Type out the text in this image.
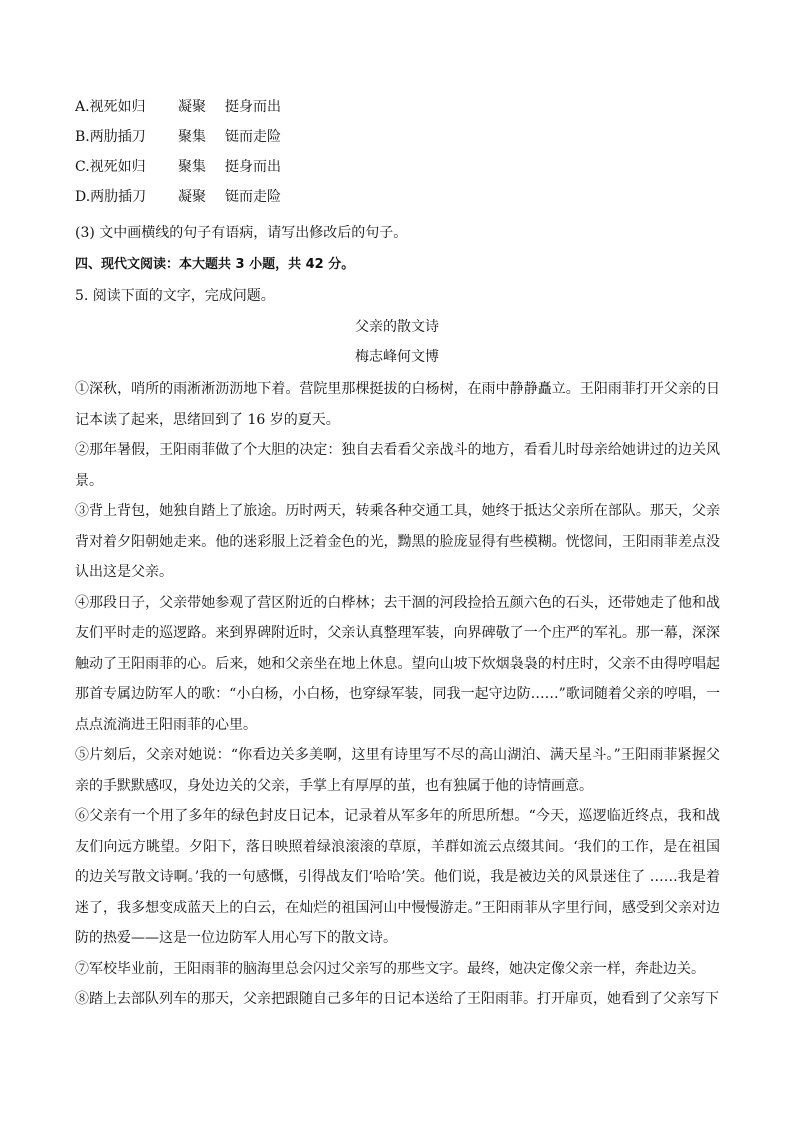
A.视死如归	凝聚	挺身而出
B.两肋插刀	聚集	铤而走险
C.视死如归	聚集	挺身而出
D.两肋插刀	凝聚	铤而走险
(3) 文中画横线的句子有语病，请写出修改后的句子。
四、现代文阅读：本大题共 3 小题，共 42 分。
5. 阅读下面的文字，完成问题。
父亲的散文诗
梅志峰何文博

①深秋，哨所的雨淅淅沥沥地下着。营院里那棵挺拔的白杨树，在雨中静静矗立。王阳雨菲打开父亲的日记本读了起来，思绪回到了 16 岁的夏天。

②那年暑假，王阳雨菲做了个大胆的决定：独自去看看父亲战斗的地方，看看儿时母亲给她讲过的边关风景。

③背上背包，她独自踏上了旅途。历时两天，转乘各种交通工具，她终于抵达父亲所在部队。那天，父亲背对着夕阳朝她走来。他的迷彩服上泛着金色的光，黝黑的脸庞显得有些模糊。恍惚间，王阳雨菲差点没认出这是父亲。

④那段日子，父亲带她参观了营区附近的白桦林；去干涸的河段捡拾五颜六色的石头，还带她走了他和战友们平时走的巡逻路。来到界碑附近时，父亲认真整理军装，向界碑敬了一个庄严的军礼。那一幕，深深触动了王阳雨菲的心。后来，她和父亲坐在地上休息。望向山坡下炊烟袅袅的村庄时，父亲不由得哼唱起那首专属边防军人的歌：“小白杨，小白杨，也穿绿军装，同我一起守边防……”歌词随着父亲的哼唱，一点点流淌进王阳雨菲的心里。

⑤片刻后，父亲对她说：“你看边关多美啊，这里有诗里写不尽的高山湖泊、满天星斗。”王阳雨菲紧握父亲的手默默感叹，身处边关的父亲，手掌上有厚厚的茧，也有独属于他的诗情画意。

⑥父亲有一个用了多年的绿色封皮日记本，记录着从军多年的所思所想。“今天，巡逻临近终点，我和战友们向远方眺望。夕阳下，落日映照着绿浪滚滚的草原，羊群如流云点缀其间。‘我们的工作，是在祖国的边关写散文诗啊。’我的一句感慨，引得战友们‘哈哈’笑。他们说，我是被边关的风景迷住了 ……我是着迷了，我多想变成蓝天上的白云，在灿烂的祖国河山中慢慢游走。”王阳雨菲从字里行间，感受到父亲对边防的热爱——这是一位边防军人用心写下的散文诗。

⑦军校毕业前，王阳雨菲的脑海里总会闪过父亲写的那些文字。最终，她决定像父亲一样，奔赴边关。

⑧踏上去部队列车的那天，父亲把跟随自己多年的日记本送给了王阳雨菲。打开扉页，她看到了父亲写下
